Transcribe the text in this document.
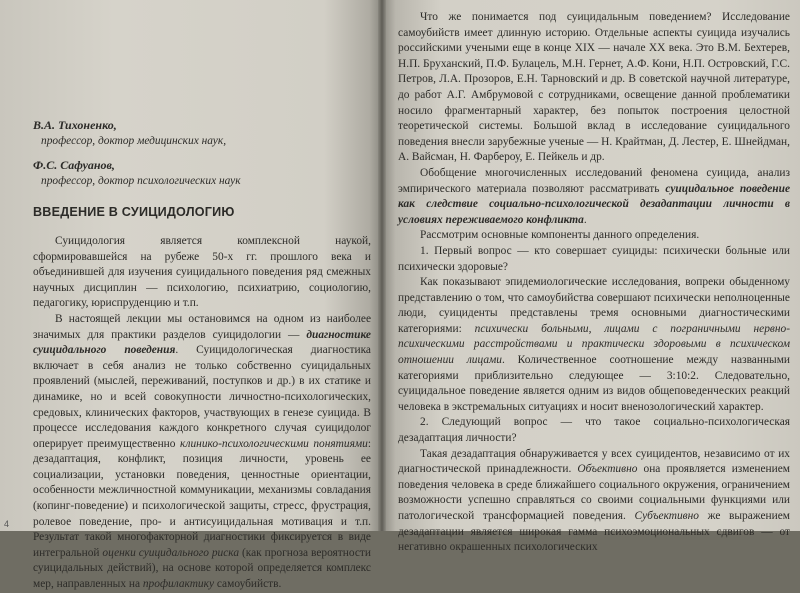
В.А. Тихоненко,
профессор, доктор медицинских наук,

Ф.С. Сафуанов,
профессор, доктор психологических наук

ВВЕДЕНИЕ В СУИЦИДОЛОГИЮ

Суицидология является комплексной наукой, сформировавшейся на рубеже 50-х гг. прошлого века и объединившей для изучения суицидального поведения ряд смежных научных дисциплин — психологию, психиатрию, социологию, педагогику, юриспруденцию и т.п.

В настоящей лекции мы остановимся на одном из наиболее значимых для практики разделов суицидологии — диагностике суицидального поведения. Суицидологическая диагностика включает в себя анализ не только собственно суицидальных проявлений (мыслей, переживаний, поступков и др.) в их статике и динамике, но и всей совокупности личностно-психологических, средовых, клинических факторов, участвующих в генезе суицида. В процессе исследования каждого конкретного случая суицидолог оперирует преимущественно клинико-психологическими понятиями: дезадаптация, конфликт, позиция личности, уровень ее социализации, установки поведения, ценностные ориентации, особенности межличностной коммуникации, механизмы совладания (копинг-поведение) и психологической защиты, стресс, фрустрация, ролевое поведение, про- и антисуицидальная мотивация и т.п. Результат такой многофакторной диагностики фиксируется в виде интегральной оценки суицидального риска (как прогноза вероятности суицидальных действий), на основе которой определяется комплекс мер, направленных на профилактику самоубийств.

Что же понимается под суицидальным поведением? Исследование самоубийств имеет длинную историю. Отдельные аспекты суицида изучались российскими учеными еще в конце XIX — начале XX века. Это В.М. Бехтерев, Н.П. Бруханский, П.Ф. Булацель, М.Н. Гернет, А.Ф. Кони, Н.П. Островский, Г.С. Петров, Л.А. Прозоров, Е.Н. Тарновский и др. В советской научной литературе, до работ А.Г. Амбрумовой с сотрудниками, освещение данной проблематики носило фрагментарный характер, без попыток построения целостной теоретической системы. Большой вклад в исследование суицидального поведения внесли зарубежные ученые — Н. Крайтман, Д. Лестер, Е. Шнейдман, А. Вайсман, Н. Фарбероу, Е. Пейкель и др.

Обобщение многочисленных исследований феномена суицида, анализ эмпирического материала позволяют рассматривать суицидальное поведение как следствие социально-психологической дезадаптации личности в условиях переживаемого конфликта.

Рассмотрим основные компоненты данного определения.

1. Первый вопрос — кто совершает суициды: психически больные или психически здоровые?

Как показывают эпидемиологические исследования, вопреки обыденному представлению о том, что самоубийства совершают психически неполноценные люди, суициденты представлены тремя основными диагностическими категориями: психически больными, лицами с пограничными нервно-психическими расстройствами и практически здоровыми в психическом отношении лицами. Количественное соотношение между названными категориями приблизительно следующее — 3:10:2. Следовательно, суицидальное поведение является одним из видов общеповеденческих реакций человека в экстремальных ситуациях и носит вненозологический характер.

2. Следующий вопрос — что такое социально-психологическая дезадаптация личности?

Такая дезадаптация обнаруживается у всех суицидентов, независимо от их диагностической принадлежности. Объективно она проявляется изменением поведения человека в среде ближайшего социального окружения, ограничением возможности успешно справляться со своими социальными функциями или патологической трансформацией поведения. Субъективно же выражением дезадаптации является широкая гамма психоэмоциональных сдвигов — от негативно окрашенных психологических

4
